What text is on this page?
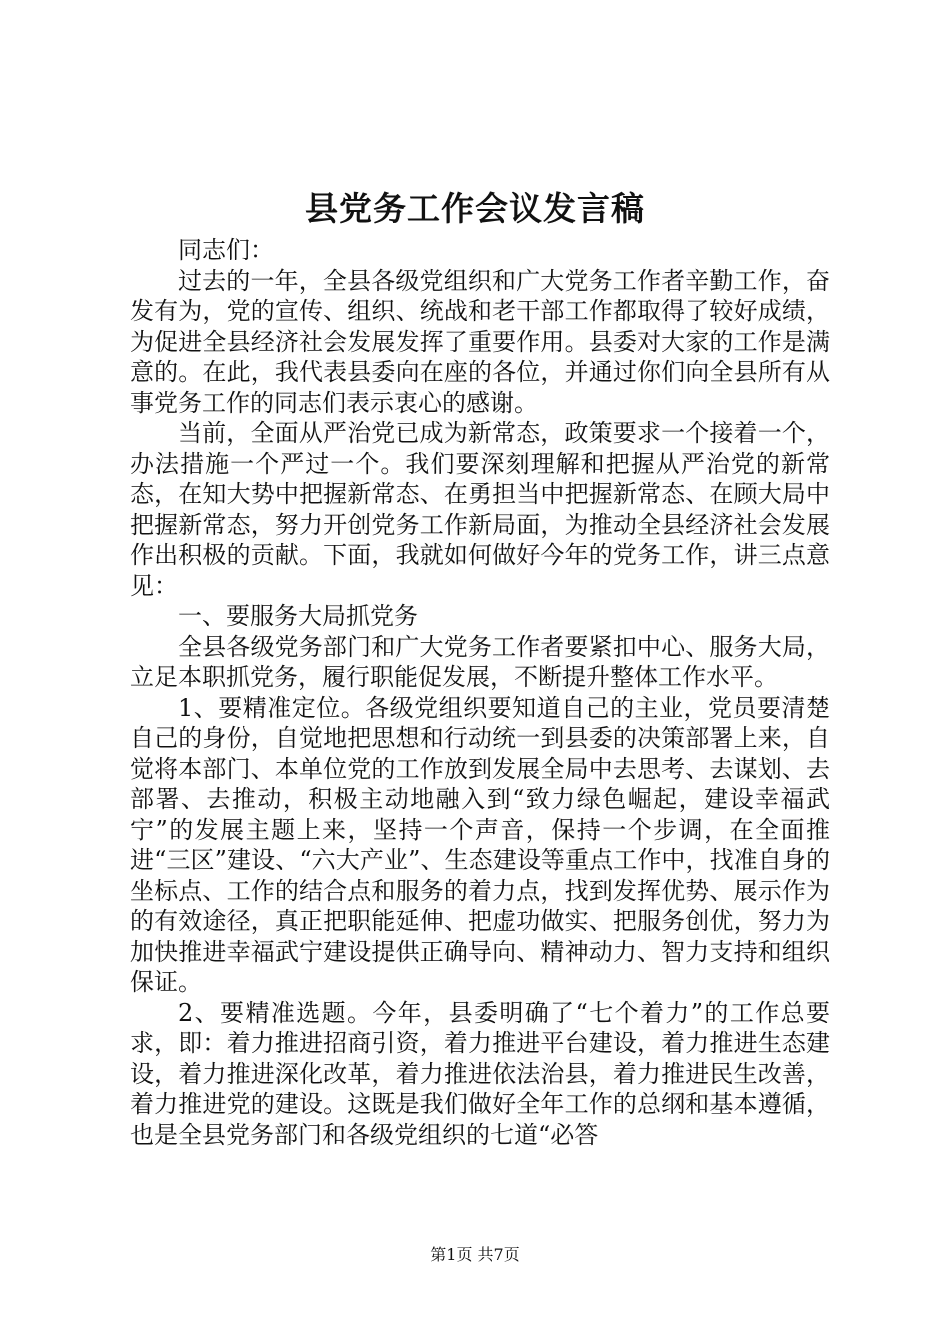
县党务工作会议发言稿

同志们：

过去的一年，全县各级党组织和广大党务工作者辛勤工作，奋发有为，党的宣传、组织、统战和老干部工作都取得了较好成绩，为促进全县经济社会发展发挥了重要作用。县委对大家的工作是满意的。在此，我代表县委向在座的各位，并通过你们向全县所有从事党务工作的同志们表示衷心的感谢。

当前，全面从严治党已成为新常态，政策要求一个接着一个，办法措施一个严过一个。我们要深刻理解和把握从严治党的新常态，在知大势中把握新常态、在勇担当中把握新常态、在顾大局中把握新常态，努力开创党务工作新局面，为推动全县经济社会发展作出积极的贡献。下面，我就如何做好今年的党务工作，讲三点意见：

一、要服务大局抓党务

全县各级党务部门和广大党务工作者要紧扣中心、服务大局，立足本职抓党务，履行职能促发展，不断提升整体工作水平。

1、要精准定位。各级党组织要知道自己的主业，党员要清楚自己的身份，自觉地把思想和行动统一到县委的决策部署上来，自觉将本部门、本单位党的工作放到发展全局中去思考、去谋划、去部署、去推动，积极主动地融入到“致力绿色崛起，建设幸福武宁”的发展主题上来，坚持一个声音，保持一个步调，在全面推进“三区”建设、“六大产业”、生态建设等重点工作中，找准自身的坐标点、工作的结合点和服务的着力点，找到发挥优势、展示作为的有效途径，真正把职能延伸、把虚功做实、把服务创优，努力为加快推进幸福武宁建设提供正确导向、精神动力、智力支持和组织保证。

2、要精准选题。今年，县委明确了“七个着力”的工作总要求，即：着力推进招商引资，着力推进平台建设，着力推进生态建设，着力推进深化改革，着力推进依法治县，着力推进民生改善，着力推进党的建设。这既是我们做好全年工作的总纲和基本遵循，也是全县党务部门和各级党组织的七道“必答

第1页 共7页
